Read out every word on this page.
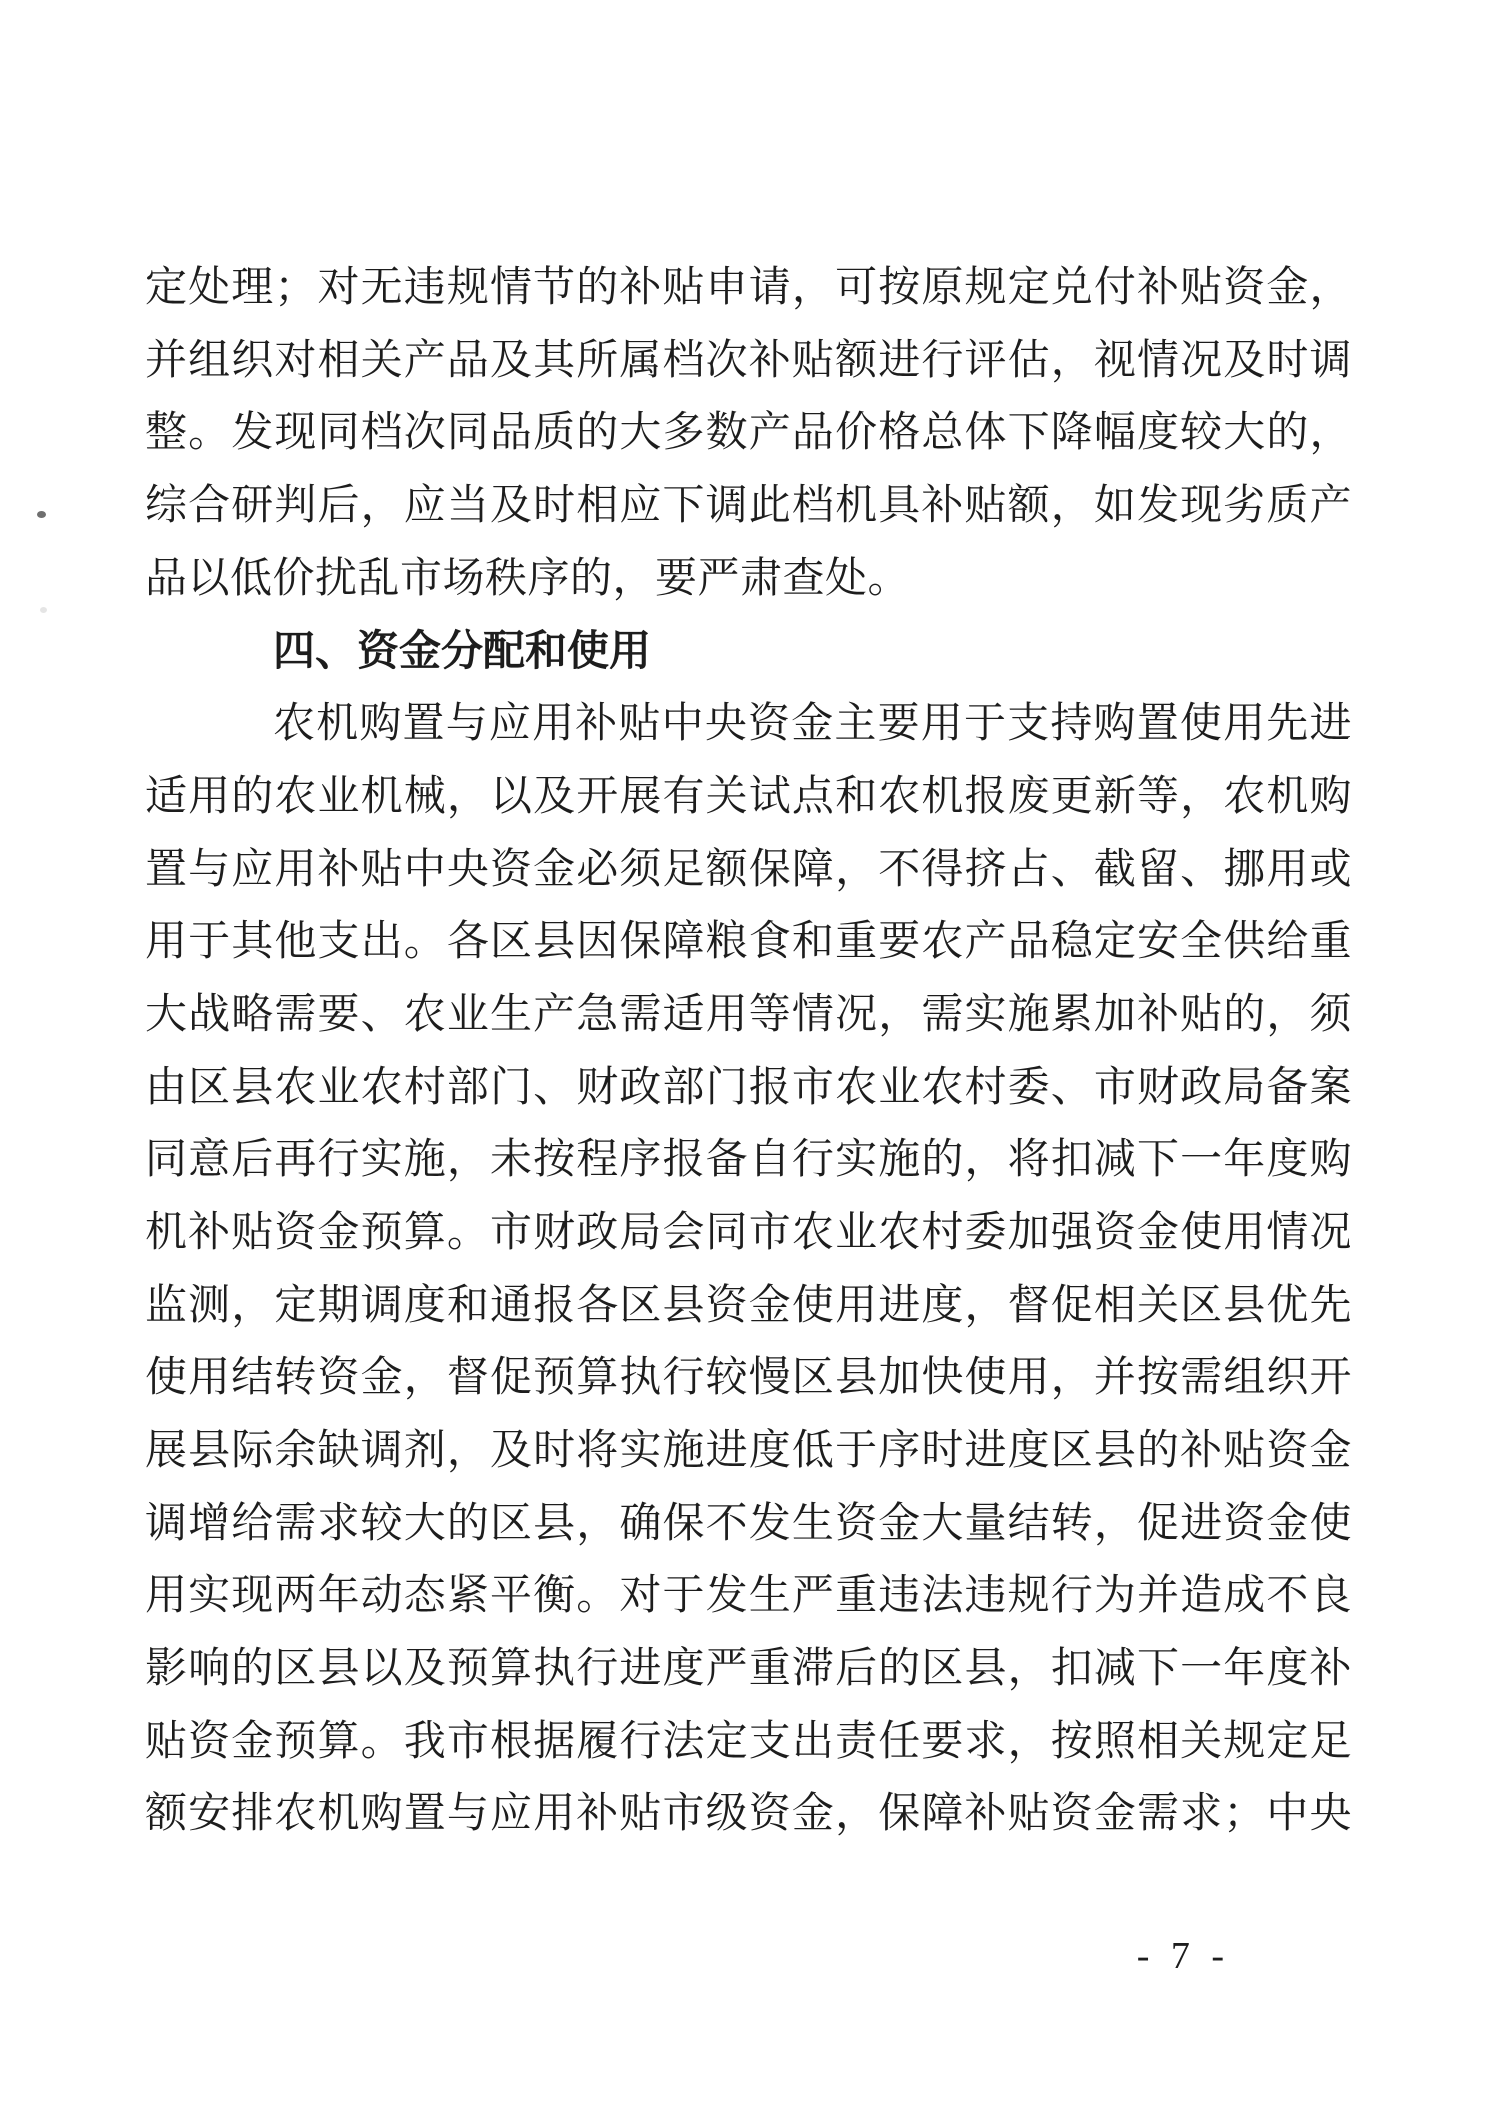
定处理；对无违规情节的补贴申请，可按原规定兑付补贴资金，
并组织对相关产品及其所属档次补贴额进行评估，视情况及时调
整。发现同档次同品质的大多数产品价格总体下降幅度较大的，
综合研判后，应当及时相应下调此档机具补贴额，如发现劣质产
品以低价扰乱市场秩序的，要严肃查处。
四、资金分配和使用
农机购置与应用补贴中央资金主要用于支持购置使用先进
适用的农业机械，以及开展有关试点和农机报废更新等，农机购
置与应用补贴中央资金必须足额保障，不得挤占、截留、挪用或
用于其他支出。各区县因保障粮食和重要农产品稳定安全供给重
大战略需要、农业生产急需适用等情况，需实施累加补贴的，须
由区县农业农村部门、财政部门报市农业农村委、市财政局备案
同意后再行实施，未按程序报备自行实施的，将扣减下一年度购
机补贴资金预算。市财政局会同市农业农村委加强资金使用情况
监测，定期调度和通报各区县资金使用进度，督促相关区县优先
使用结转资金，督促预算执行较慢区县加快使用，并按需组织开
展县际余缺调剂，及时将实施进度低于序时进度区县的补贴资金
调增给需求较大的区县，确保不发生资金大量结转，促进资金使
用实现两年动态紧平衡。对于发生严重违法违规行为并造成不良
影响的区县以及预算执行进度严重滞后的区县，扣减下一年度补
贴资金预算。我市根据履行法定支出责任要求，按照相关规定足
额安排农机购置与应用补贴市级资金，保障补贴资金需求；中央
- 7 -
